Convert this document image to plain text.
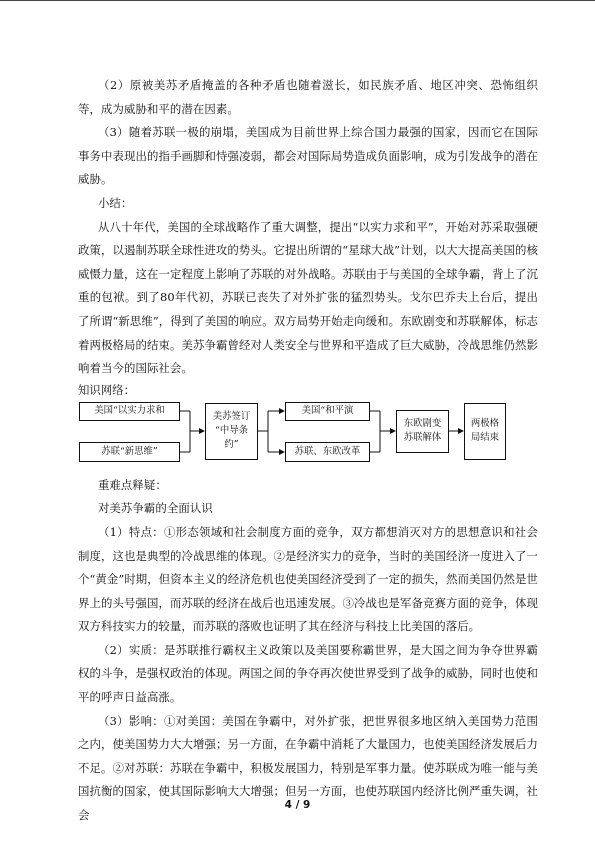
（2）原被美苏矛盾掩盖的各种矛盾也随着滋长，如民族矛盾、地区冲突、恐怖组织等，成为威胁和平的潜在因素。

（3）随着苏联一极的崩塌，美国成为目前世界上综合国力最强的国家，因而它在国际事务中表现出的指手画脚和恃强凌弱，都会对国际局势造成负面影响，成为引发战争的潜在威胁。

小结：

从八十年代，美国的全球战略作了重大调整，提出“以实力求和平”，开始对苏采取强硬政策，以遏制苏联全球性进攻的势头。它提出所谓的“星球大战”计划，以大大提高美国的核威慑力量，这在一定程度上影响了苏联的对外战略。苏联由于与美国的全球争霸，背上了沉重的包袱。到了80年代初，苏联已丧失了对外扩张的猛烈势头。戈尔巴乔夫上台后，提出了所谓“新思维”，得到了美国的响应。双方局势开始走向缓和。东欧剧变和苏联解体，标志着两极格局的结束。美苏争霸曾经对人类安全与世界和平造成了巨大威胁，冷战思维仍然影响着当今的国际社会。

知识网络：
美国“以实力求和
苏联“新思维”
美苏签订
“中导条
约”
美国“和平演
苏联、东欧改革
东欧剧变
苏联解体
两极格
局结束

重难点释疑：

对美苏争霸的全面认识

（1）特点：①形态领域和社会制度方面的竞争，双方都想消灭对方的思想意识和社会制度，这也是典型的冷战思维的体现。②是经济实力的竞争，当时的美国经济一度进入了一个“黄金”时期，但资本主义的经济危机也使美国经济受到了一定的损失，然而美国仍然是世界上的头号强国，而苏联的经济在战后也迅速发展。③冷战也是军备竞赛方面的竞争，体现双方科技实力的较量，而苏联的落败也证明了其在经济与科技上比美国的落后。

（2）实质：是苏联推行霸权主义政策以及美国要称霸世界，是大国之间为争夺世界霸权的斗争，是强权政治的体现。两国之间的争夺再次使世界受到了战争的威胁，同时也使和平的呼声日益高涨。

（3）影响：①对美国：美国在争霸中，对外扩张，把世界很多地区纳入美国势力范围之内，使美国势力大大增强；另一方面，在争霸中消耗了大量国力，也使美国经济发展后力不足。②对苏联：苏联在争霸中，积极发展国力，特别是军事力量。使苏联成为唯一能与美国抗衡的国家，使其国际影响大大增强；但另一方面，也使苏联国内经济比例严重失调，社会

4 / 9
